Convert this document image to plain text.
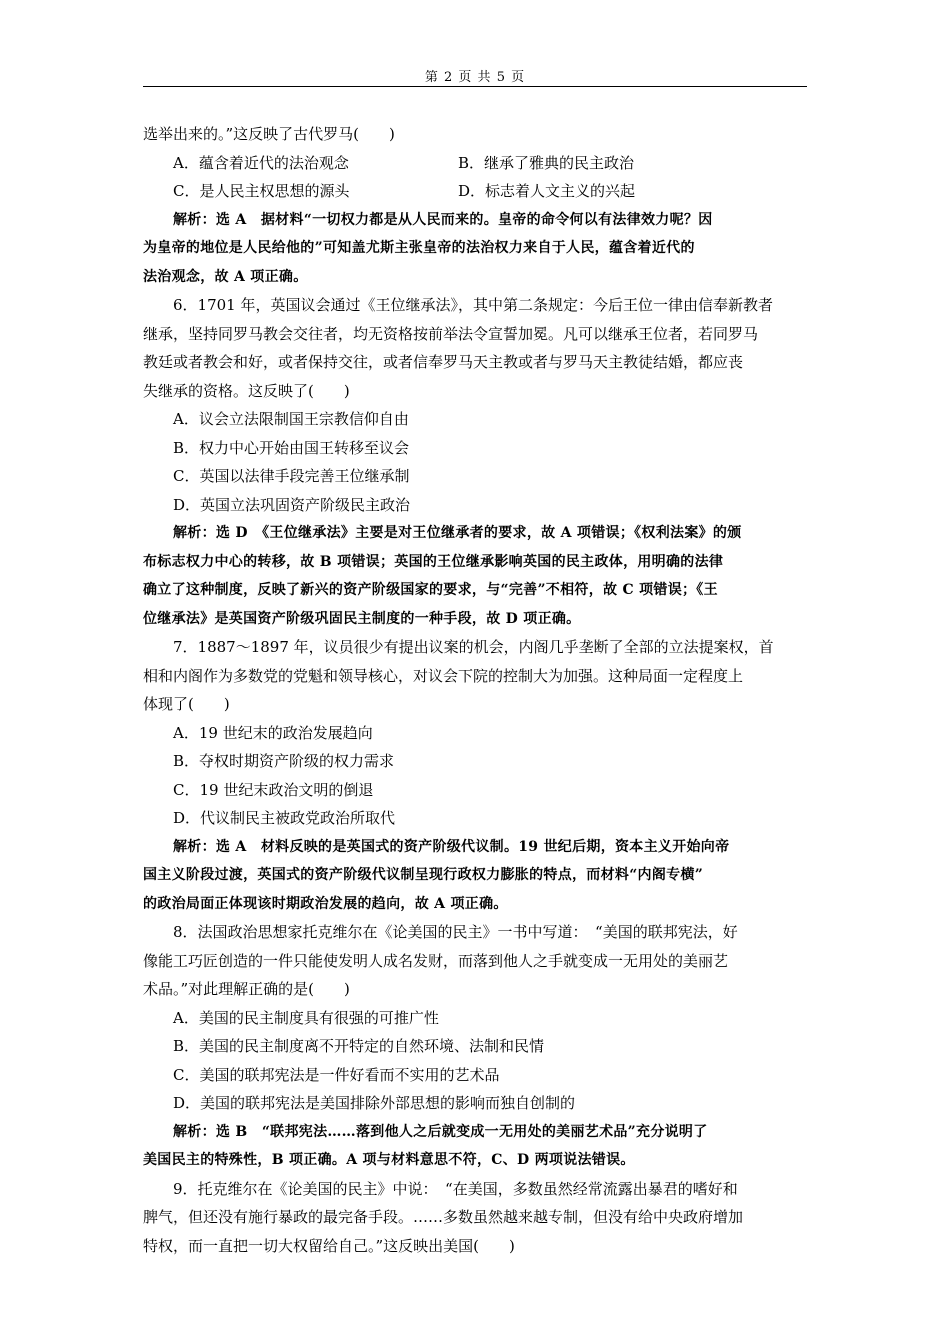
第 2 页 共 5 页
选举出来的。”这反映了古代罗马(　　)
A．蕴含着近代的法治观念	B．继承了雅典的民主政治
C．是人民主权思想的源头	D．标志着人文主义的兴起
解析：选 A　据材料“一切权力都是从人民而来的。皇帝的命令何以有法律效力呢？因
为皇帝的地位是人民给他的”可知盖尤斯主张皇帝的法治权力来自于人民，蕴含着近代的
法治观念，故 A 项正确。
6．1701 年，英国议会通过《王位继承法》，其中第二条规定：今后王位一律由信奉新教者
继承，坚持同罗马教会交往者，均无资格按前举法令宣誓加冕。凡可以继承王位者，若同罗马
教廷或者教会和好，或者保持交往，或者信奉罗马天主教或者与罗马天主教徒结婚，都应丧
失继承的资格。这反映了(　　)
A．议会立法限制国王宗教信仰自由
B．权力中心开始由国王转移至议会
C．英国以法律手段完善王位继承制
D．英国立法巩固资产阶级民主政治
解析：选 D　《王位继承法》主要是对王位继承者的要求，故 A 项错误；《权利法案》的颁
布标志权力中心的转移，故 B 项错误；英国的王位继承影响英国的民主政体，用明确的法律
确立了这种制度，反映了新兴的资产阶级国家的要求，与“完善”不相符，故 C 项错误；《王
位继承法》是英国资产阶级巩固民主制度的一种手段，故 D 项正确。
7．1887～1897 年，议员很少有提出议案的机会，内阁几乎垄断了全部的立法提案权，首
相和内阁作为多数党的党魁和领导核心，对议会下院的控制大为加强。这种局面一定程度上
体现了(　　)
A．19 世纪末的政治发展趋向
B．夺权时期资产阶级的权力需求
C．19 世纪末政治文明的倒退
D．代议制民主被政党政治所取代
解析：选 A　材料反映的是英国式的资产阶级代议制。19 世纪后期，资本主义开始向帝
国主义阶段过渡，英国式的资产阶级代议制呈现行政权力膨胀的特点，而材料“内阁专横”
的政治局面正体现该时期政治发展的趋向，故 A 项正确。
8．法国政治思想家托克维尔在《论美国的民主》一书中写道：　“美国的联邦宪法，好
像能工巧匠创造的一件只能使发明人成名发财，而落到他人之手就变成一无用处的美丽艺
术品。”对此理解正确的是(　　)
A．美国的民主制度具有很强的可推广性
B．美国的民主制度离不开特定的自然环境、法制和民情
C．美国的联邦宪法是一件好看而不实用的艺术品
D．美国的联邦宪法是美国排除外部思想的影响而独自创制的
解析：选 B　“联邦宪法……落到他人之后就变成一无用处的美丽艺术品”充分说明了
美国民主的特殊性，B 项正确。A 项与材料意思不符，C、D 两项说法错误。
9．托克维尔在《论美国的民主》中说：　“在美国，多数虽然经常流露出暴君的嗜好和
脾气，但还没有施行暴政的最完备手段。……多数虽然越来越专制，但没有给中央政府增加
特权，而一直把一切大权留给自己。”这反映出美国(　　)
